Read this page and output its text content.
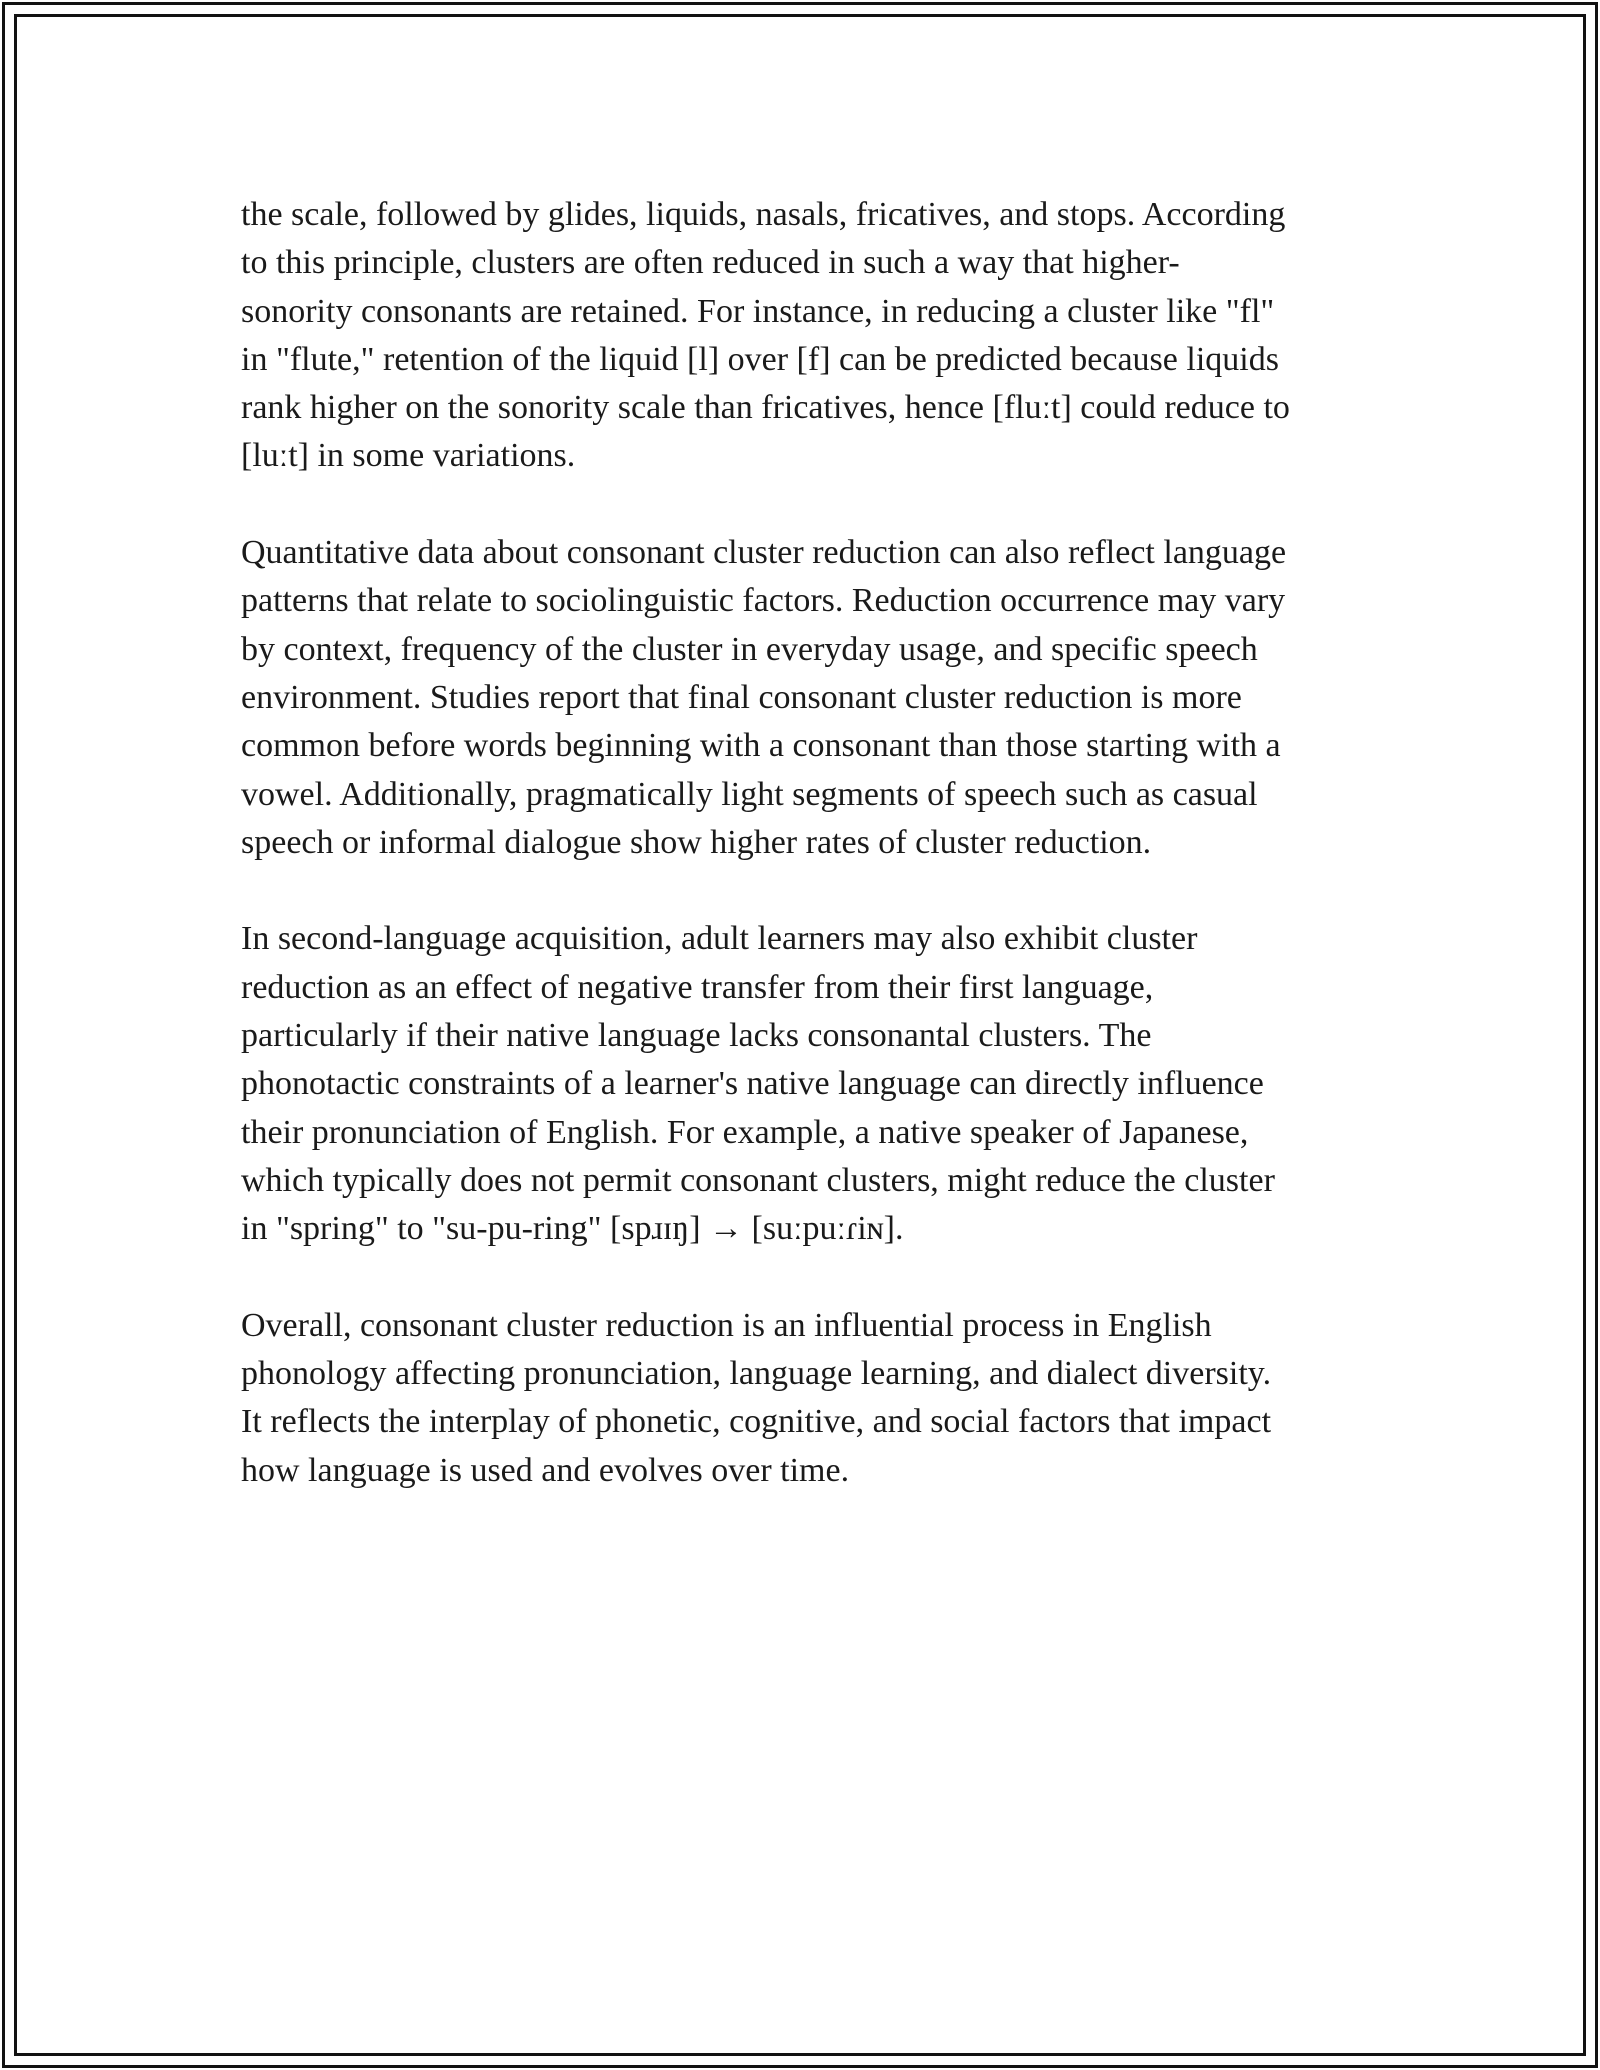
the scale, followed by glides, liquids, nasals, fricatives, and stops. According
to this principle, clusters are often reduced in such a way that higher-
sonority consonants are retained. For instance, in reducing a cluster like "fl"
in "flute," retention of the liquid [l] over [f] can be predicted because liquids
rank higher on the sonority scale than fricatives, hence [fluːt] could reduce to
[luːt] in some variations.

Quantitative data about consonant cluster reduction can also reflect language
patterns that relate to sociolinguistic factors. Reduction occurrence may vary
by context, frequency of the cluster in everyday usage, and specific speech
environment. Studies report that final consonant cluster reduction is more
common before words beginning with a consonant than those starting with a
vowel. Additionally, pragmatically light segments of speech such as casual
speech or informal dialogue show higher rates of cluster reduction.

In second-language acquisition, adult learners may also exhibit cluster
reduction as an effect of negative transfer from their first language,
particularly if their native language lacks consonantal clusters. The
phonotactic constraints of a learner's native language can directly influence
their pronunciation of English. For example, a native speaker of Japanese,
which typically does not permit consonant clusters, might reduce the cluster
in "spring" to "su-pu-ring" [spɹɪŋ] → [suːpuːɾiɴ].

Overall, consonant cluster reduction is an influential process in English
phonology affecting pronunciation, language learning, and dialect diversity.
It reflects the interplay of phonetic, cognitive, and social factors that impact
how language is used and evolves over time.
